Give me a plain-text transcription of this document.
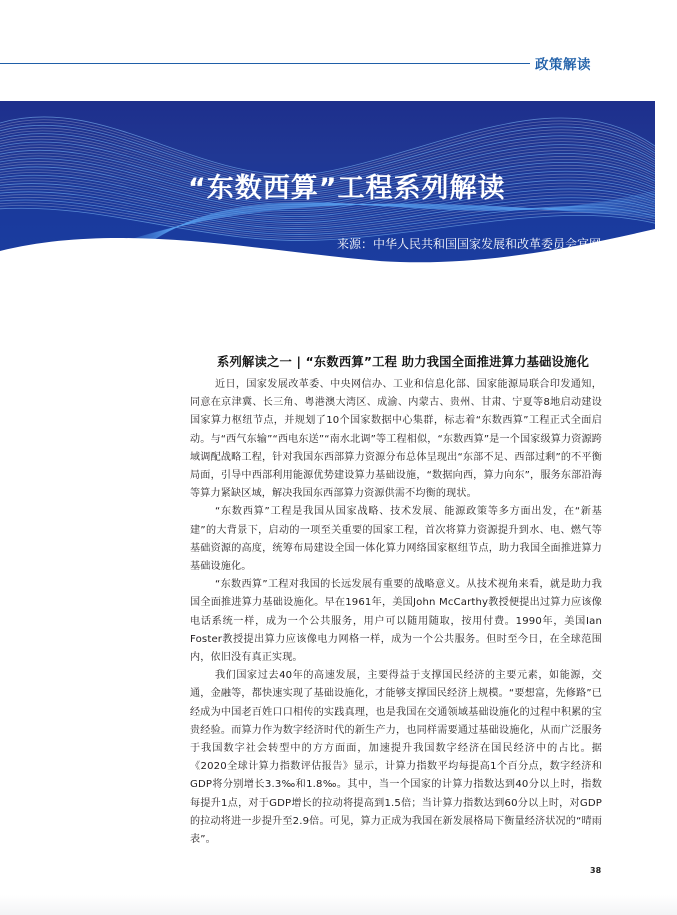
政策解读
“东数西算”工程系列解读
来源：中华人民共和国国家发展和改革委员会官网
系列解读之一 | “东数西算”工程 助力我国全面推进算力基础设施化

近日，国家发展改革委、中央网信办、工业和信息化部、国家能源局联合印发通知，同意在京津冀、长三角、粤港澳大湾区、成渝、内蒙古、贵州、甘肃、宁夏等8地启动建设国家算力枢纽节点，并规划了10个国家数据中心集群，标志着“东数西算”工程正式全面启动。与“西气东输”“西电东送”“南水北调”等工程相似，“东数西算”是一个国家级算力资源跨域调配战略工程，针对我国东西部算力资源分布总体呈现出“东部不足、西部过剩”的不平衡局面，引导中西部利用能源优势建设算力基础设施，“数据向西，算力向东”，服务东部沿海等算力紧缺区域，解决我国东西部算力资源供需不均衡的现状。

“东数西算”工程是我国从国家战略、技术发展、能源政策等多方面出发，在“新基建”的大背景下，启动的一项至关重要的国家工程，首次将算力资源提升到水、电、燃气等基础资源的高度，统筹布局建设全国一体化算力网络国家枢纽节点，助力我国全面推进算力基础设施化。

“东数西算”工程对我国的长远发展有重要的战略意义。从技术视角来看，就是助力我国全面推进算力基础设施化。早在1961年，美国John McCarthy教授便提出过算力应该像电话系统一样，成为一个公共服务，用户可以随用随取，按用付费。1990年，美国Ian Foster教授提出算力应该像电力网格一样，成为一个公共服务。但时至今日，在全球范围内，依旧没有真正实现。

我们国家过去40年的高速发展，主要得益于支撑国民经济的主要元素，如能源，交通，金融等，都快速实现了基础设施化，才能够支撑国民经济上规模。“要想富，先修路”已经成为中国老百姓口口相传的实践真理，也是我国在交通领域基础设施化的过程中积累的宝贵经验。而算力作为数字经济时代的新生产力，也同样需要通过基础设施化，从而广泛服务于我国数字社会转型中的方方面面，加速提升我国数字经济在国民经济中的占比。据《2020全球计算力指数评估报告》显示，计算力指数平均每提高1个百分点，数字经济和GDP将分别增长3.3‰和1.8‰。其中，当一个国家的计算力指数达到40分以上时，指数每提升1点，对于GDP增长的拉动将提高到1.5倍；当计算力指数达到60分以上时，对GDP的拉动将进一步提升至2.9倍。可见，算力正成为我国在新发展格局下衡量经济状况的“晴雨表”。

38
